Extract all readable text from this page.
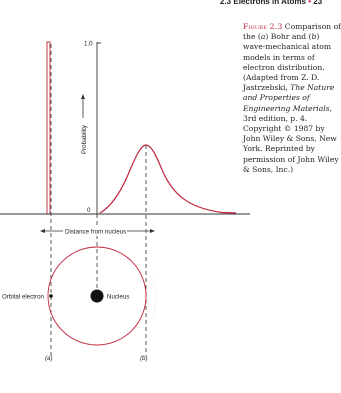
2.3 Electrons in Atoms • 23
Figure 2.3 Comparison of the (a) Bohr and (b) wave-mechanical atom models in terms of electron distribution. (Adapted from Z. D. Jastrzebski, The Nature and Properties of Engineering Materials, 3rd edition, p. 4. Copyright © 1987 by John Wiley & Sons, New York. Reprinted by permission of John Wiley & Sons, Inc.)
1.0
0
Probability
Distance from nucleus
Orbital electron	Nucleus
(a)	(b)
